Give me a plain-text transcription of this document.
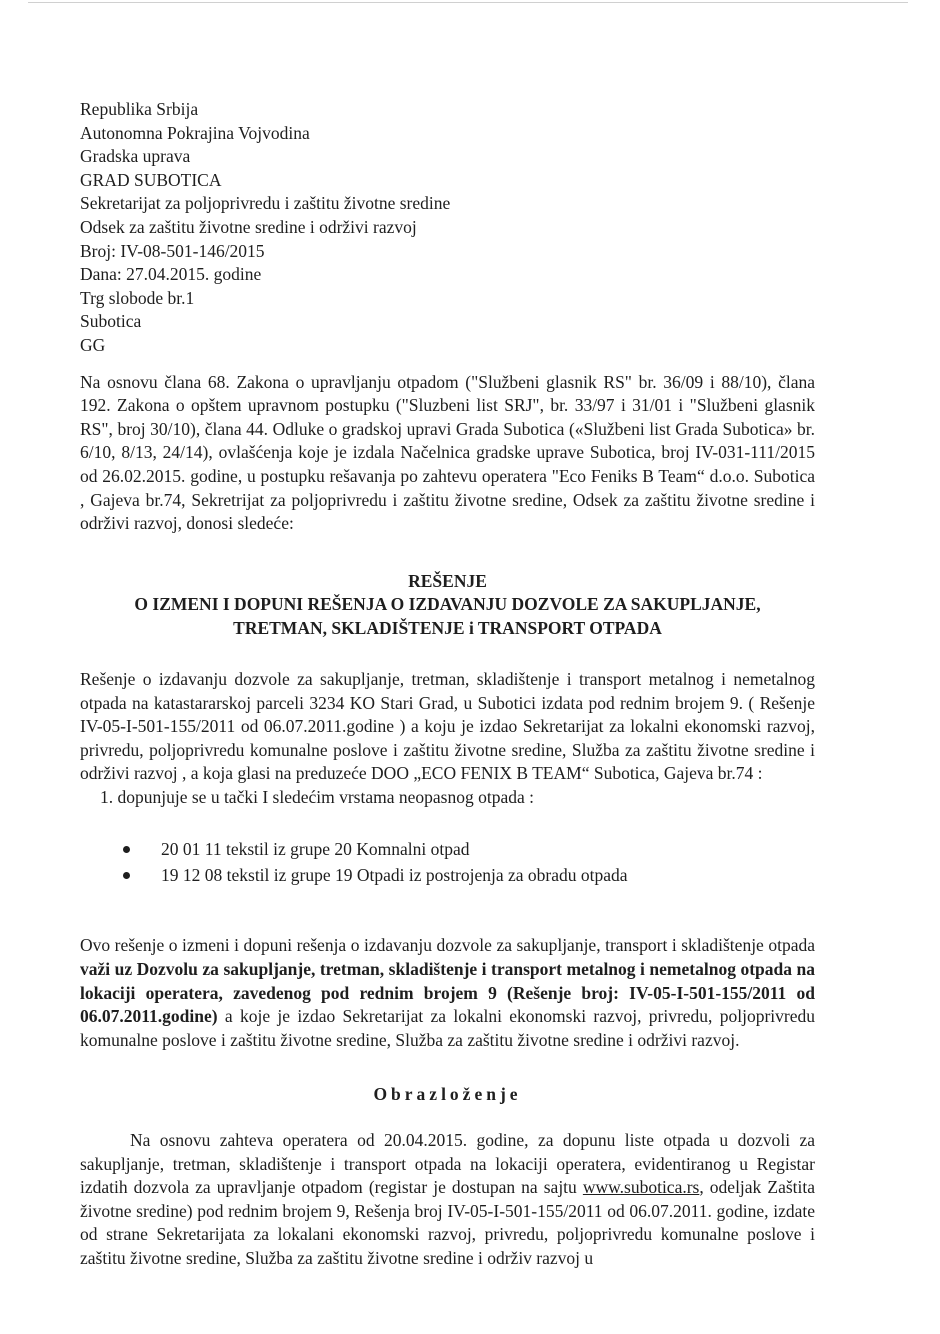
Republika Srbija
Autonomna Pokrajina Vojvodina
Gradska uprava
GRAD SUBOTICA
Sekretarijat za poljoprivredu i zaštitu životne sredine
Odsek za zaštitu životne sredine i održivi razvoj
Broj: IV-08-501-146/2015
Dana: 27.04.2015. godine
Trg slobode br.1
Subotica
GG

Na osnovu člana 68. Zakona o upravljanju otpadom ("Službeni glasnik RS" br. 36/09 i 88/10), člana 192. Zakona o opštem upravnom postupku ("Sluzbeni list SRJ", br. 33/97 i 31/01 i "Službeni glasnik RS", broj 30/10), člana 44. Odluke o gradskoj upravi Grada Subotica («Službeni list Grada Subotica» br. 6/10, 8/13, 24/14), ovlašćenja koje je izdala Načelnica gradske uprave Subotica, broj IV-031-111/2015 od 26.02.2015. godine, u postupku rešavanja po zahtevu operatera "Eco Feniks B Team“ d.o.o. Subotica , Gajeva br.74, Sekretrijat za poljoprivredu i zaštitu životne sredine, Odsek za zaštitu životne sredine i održivi razvoj, donosi sledeće:

REŠENJE
O IZMENI I DOPUNI REŠENJA O IZDAVANJU DOZVOLE ZA SAKUPLJANJE,
TRETMAN, SKLADIŠTENJE i TRANSPORT OTPADA

Rešenje o izdavanju dozvole za sakupljanje, tretman, skladištenje i transport metalnog i nemetalnog otpada na katastararskoj parceli 3234 KO Stari Grad, u Subotici izdata pod rednim brojem 9. ( Rešenje IV-05-I-501-155/2011 od 06.07.2011.godine ) a koju je izdao Sekretarijat za lokalni ekonomski razvoj, privredu, poljoprivredu komunalne poslove i zaštitu životne sredine, Služba za zaštitu životne sredine i održivi razvoj , a koja glasi na preduzeće DOO „ECO FENIX B TEAM“ Subotica, Gajeva br.74 :

1. dopunjuje se u tački I sledećim vrstama neopasnog otpada :

20 01 11 tekstil iz grupe 20 Komnalni otpad
19 12 08 tekstil iz grupe 19 Otpadi iz postrojenja za obradu otpada

Ovo rešenje o izmeni i dopuni rešenja o izdavanju dozvole za sakupljanje, transport i skladištenje otpada važi uz Dozvolu za sakupljanje, tretman, skladištenje i transport metalnog i nemetalnog otpada na lokaciji operatera, zavedenog pod rednim brojem 9 (Rešenje broj: IV-05-I-501-155/2011 od 06.07.2011.godine) a koje je izdao Sekretarijat za lokalni ekonomski razvoj, privredu, poljoprivredu komunalne poslove i zaštitu životne sredine, Služba za zaštitu životne sredine i održivi razvoj.

Obrazloženje

Na osnovu zahteva operatera od 20.04.2015. godine, za dopunu liste otpada u dozvoli za sakupljanje, tretman, skladištenje i transport otpada na lokaciji operatera, evidentiranog u Registar izdatih dozvola za upravljanje otpadom (registar je dostupan na sajtu www.subotica.rs, odeljak Zaštita životne sredine) pod rednim brojem 9, Rešenja broj IV-05-I-501-155/2011 od 06.07.2011. godine, izdate od strane Sekretarijata za lokalani ekonomski razvoj, privredu, poljoprivredu komunalne poslove i zaštitu životne sredine, Služba za zaštitu životne sredine i održiv razvoj u
